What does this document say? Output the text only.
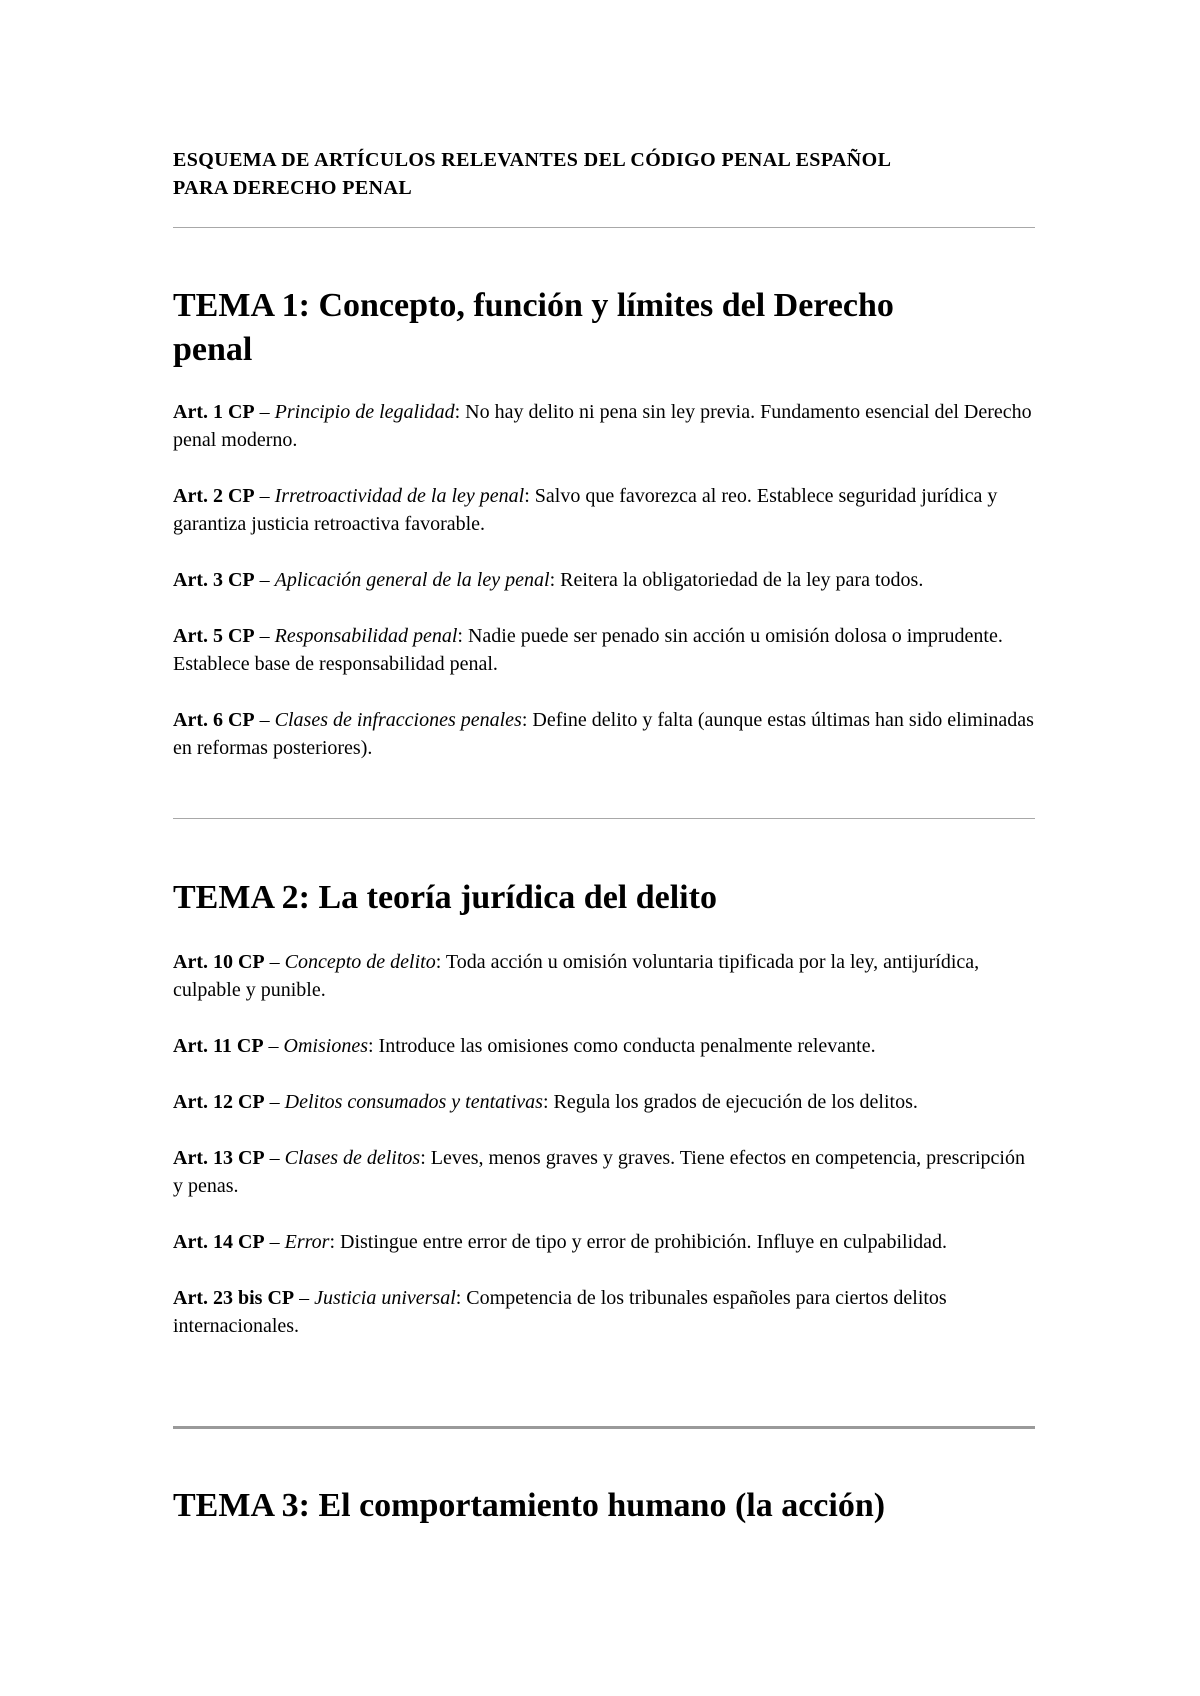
ESQUEMA DE ARTÍCULOS RELEVANTES DEL CÓDIGO PENAL ESPAÑOL
PARA DERECHO PENAL
TEMA 1: Concepto, función y límites del Derecho
penal

Art. 1 CP – Principio de legalidad: No hay delito ni pena sin ley previa. Fundamento esencial del Derecho penal moderno.

Art. 2 CP – Irretroactividad de la ley penal: Salvo que favorezca al reo. Establece seguridad jurídica y garantiza justicia retroactiva favorable.

Art. 3 CP – Aplicación general de la ley penal: Reitera la obligatoriedad de la ley para todos.

Art. 5 CP – Responsabilidad penal: Nadie puede ser penado sin acción u omisión dolosa o imprudente. Establece base de responsabilidad penal.

Art. 6 CP – Clases de infracciones penales: Define delito y falta (aunque estas últimas han sido eliminadas en reformas posteriores).

TEMA 2: La teoría jurídica del delito

Art. 10 CP – Concepto de delito: Toda acción u omisión voluntaria tipificada por la ley, antijurídica, culpable y punible.

Art. 11 CP – Omisiones: Introduce las omisiones como conducta penalmente relevante.

Art. 12 CP – Delitos consumados y tentativas: Regula los grados de ejecución de los delitos.

Art. 13 CP – Clases de delitos: Leves, menos graves y graves. Tiene efectos en competencia, prescripción y penas.

Art. 14 CP – Error: Distingue entre error de tipo y error de prohibición. Influye en culpabilidad.

Art. 23 bis CP – Justicia universal: Competencia de los tribunales españoles para ciertos delitos internacionales.

TEMA 3: El comportamiento humano (la acción)
